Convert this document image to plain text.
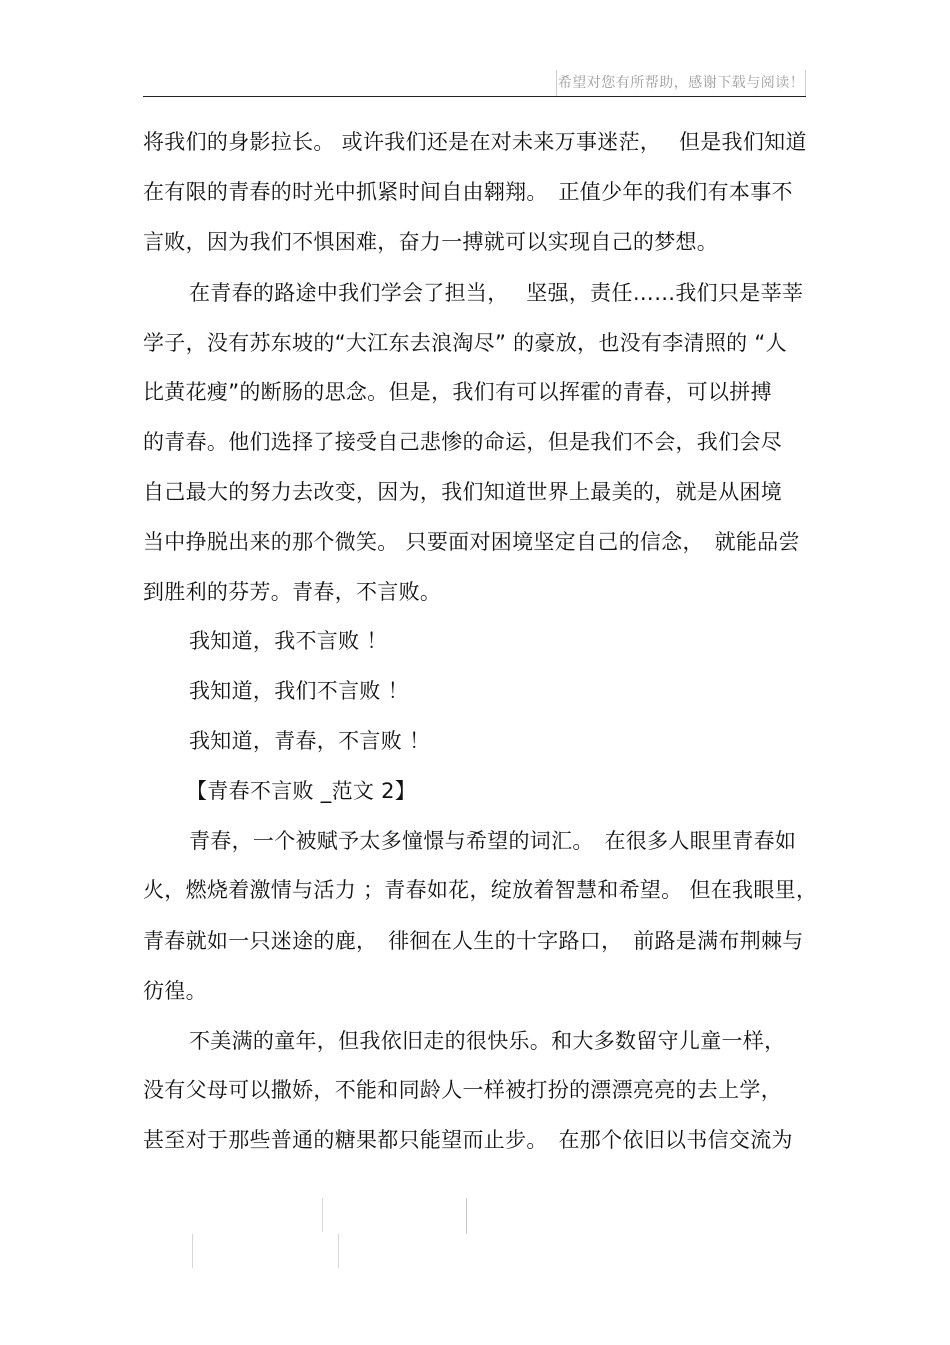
希望对您有所帮助，感谢下载与阅读！
将我们的身影拉长。 或许我们还是在对未来万事迷茫，　 但是我们知道
在有限的青春的时光中抓紧时间自由翱翔。　正值少年的我们有本事不
言败，因为我们不惧困难，奋力一搏就可以实现自己的梦想。
在青春的路途中我们学会了担当，　 坚强，责任……我们只是莘莘
学子，没有苏东坡的“大江东去浪淘尽” 的豪放，也没有李清照的 “人
比黄花瘦”的断肠的思念。但是，我们有可以挥霍的青春，可以拼搏
的青春。他们选择了接受自己悲惨的命运，但是我们不会，我们会尽
自己最大的努力去改变，因为，我们知道世界上最美的，就是从困境
当中挣脱出来的那个微笑。 只要面对困境坚定自己的信念，　就能品尝
到胜利的芬芳。青春，不言败。
我知道，我不言败 ！
我知道，我们不言败 ！
我知道，青春，不言败 ！
【青春不言败 _范文 2】
青春，一个被赋予太多憧憬与希望的词汇。　在很多人眼里青春如
火，燃烧着激情与活力 ；青春如花，绽放着智慧和希望。 但在我眼里，
青春就如一只迷途的鹿，　徘徊在人生的十字路口，　前路是满布荆棘与
彷徨。
不美满的童年，但我依旧走的很快乐。和大多数留守儿童一样，
没有父母可以撒娇，不能和同龄人一样被打扮的漂漂亮亮的去上学，
甚至对于那些普通的糖果都只能望而止步。　在那个依旧以书信交流为
